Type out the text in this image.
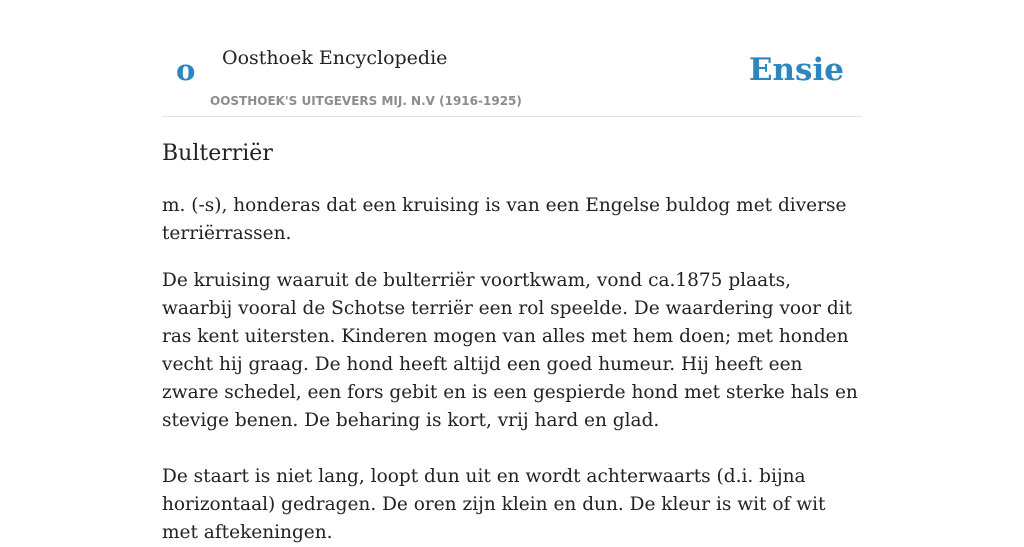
o Oosthoek Encyclopedie
OOSTHOEK'S UITGEVERS MIJ. N.V (1916-1925)
Ensie
Bulterriër

m. (-s), honderas dat een kruising is van een Engelse buldog met diverse terriërrassen.

De kruising waaruit de bulterriër voortkwam, vond ca.1875 plaats, waarbij vooral de Schotse terriër een rol speelde. De waardering voor dit ras kent uitersten. Kinderen mogen van alles met hem doen; met honden vecht hij graag. De hond heeft altijd een goed humeur. Hij heeft een zware schedel, een fors gebit en is een gespierde hond met sterke hals en stevige benen. De beharing is kort, vrij hard en glad.

De staart is niet lang, loopt dun uit en wordt achterwaarts (d.i. bijna horizontaal) gedragen. De oren zijn klein en dun. De kleur is wit of wit met aftekeningen.
